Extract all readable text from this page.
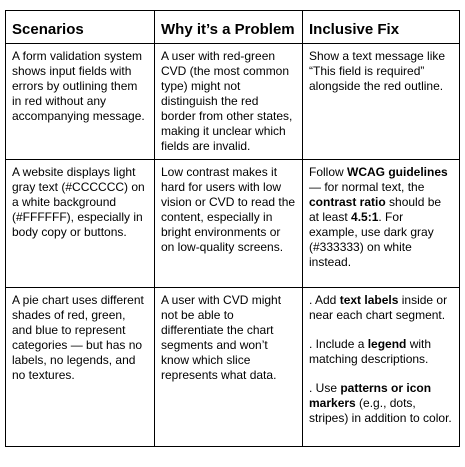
Scenarios	Why it’s a Problem	Inclusive Fix
A form validation system shows input fields with errors by outlining them in red without any accompanying message.	A user with red-green CVD (the most common type) might not distinguish the red border from other states, making it unclear which fields are invalid.	Show a text message like “This field is required” alongside the red outline.
A website displays light gray text (#CCCCCC) on a white background (#FFFFFF), especially in body copy or buttons.	Low contrast makes it hard for users with low vision or CVD to read the content, especially in bright environments or on low-quality screens.	Follow WCAG guidelines — for normal text, the contrast ratio should be at least 4.5:1. For example, use dark gray (#333333) on white instead.
A pie chart uses different shades of red, green, and blue to represent categories — but has no labels, no legends, and no textures.	A user with CVD might not be able to differentiate the chart segments and won’t know which slice represents what data.	. Add text labels inside or near each chart segment.
. Include a legend with matching descriptions.
. Use patterns or icon markers (e.g., dots, stripes) in addition to color.
